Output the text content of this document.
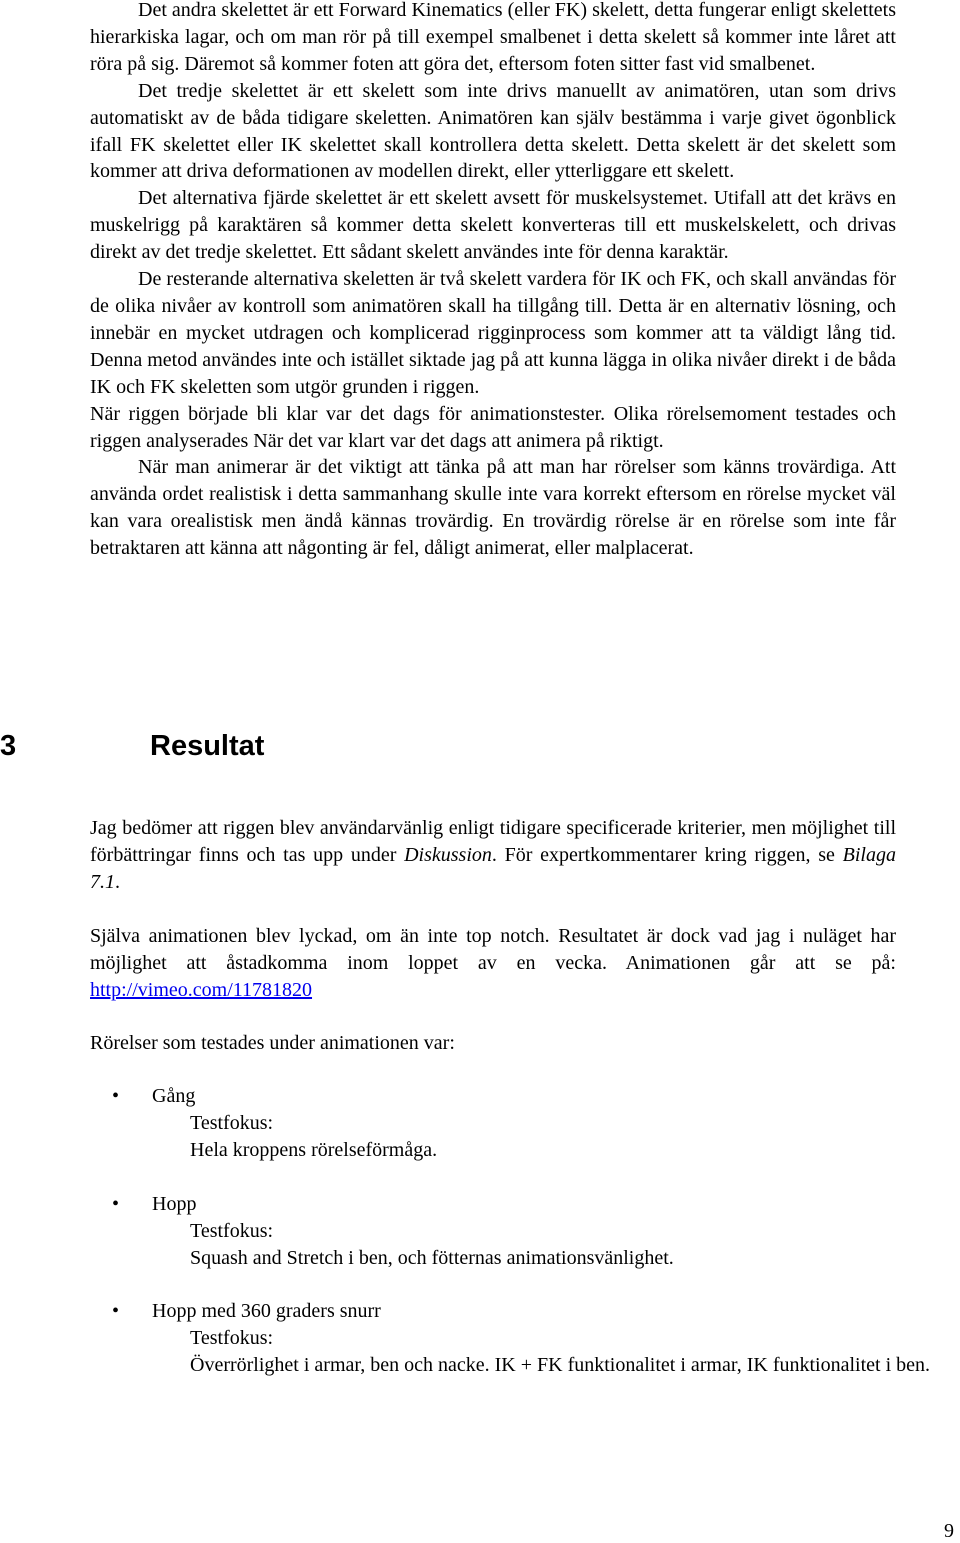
Det andra skelettet är ett Forward Kinematics (eller FK) skelett, detta fungerar enligt skelettets hierarkiska lagar, och om man rör på till exempel smalbenet i detta skelett så kommer inte låret att röra på sig. Däremot så kommer foten att göra det, eftersom foten sitter fast vid smalbenet.

Det tredje skelettet är ett skelett som inte drivs manuellt av animatören, utan som drivs automatiskt av de båda tidigare skeletten. Animatören kan själv bestämma i varje givet ögonblick ifall FK skelettet eller IK skelettet skall kontrollera detta skelett. Detta skelett är det skelett som kommer att driva deformationen av modellen direkt, eller ytterliggare ett skelett.

Det alternativa fjärde skelettet är ett skelett avsett för muskelsystemet. Utifall att det krävs en muskelrigg på karaktären så kommer detta skelett konverteras till ett muskelskelett, och drivas direkt av det tredje skelettet. Ett sådant skelett användes inte för denna karaktär.

De resterande alternativa skeletten är två skelett vardera för IK och FK, och skall användas för de olika nivåer av kontroll som animatören skall ha tillgång till. Detta är en alternativ lösning, och innebär en mycket utdragen och komplicerad rigginprocess som kommer att ta väldigt lång tid. Denna metod användes inte och istället siktade jag på att kunna lägga in olika nivåer direkt i de båda IK och FK skeletten som utgör grunden i riggen.

När riggen började bli klar var det dags för animationstester. Olika rörelsemoment testades och riggen analyserades När det var klart var det dags att animera på riktigt.

När man animerar är det viktigt att tänka på att man har rörelser som känns trovärdiga. Att använda ordet realistisk i detta sammanhang skulle inte vara korrekt eftersom en rörelse mycket väl kan vara orealistisk men ändå kännas trovärdig. En trovärdig rörelse är en rörelse som inte får betraktaren att känna att någonting är fel, dåligt animerat, eller malplacerat.

3	Resultat

Jag bedömer att riggen blev användarvänlig enligt tidigare specificerade kriterier, men möjlighet till förbättringar finns och tas upp under Diskussion. För expertkommentarer kring riggen, se Bilaga 7.1.

Själva animationen blev lyckad, om än inte top notch. Resultatet är dock vad jag i nuläget har möjlighet att åstadkomma inom loppet av en vecka. Animationen går att se på: http://vimeo.com/11781820

Rörelser som testades under animationen var:

• Gång
Testfokus:
Hela kroppens rörelseförmåga.
• Hopp
Testfokus:
Squash and Stretch i ben, och fötternas animationsvänlighet.
• Hopp med 360 graders snurr
Testfokus:
Överrörlighet i armar, ben och nacke. IK + FK funktionalitet i armar, IK funktionalitet i ben.
9
